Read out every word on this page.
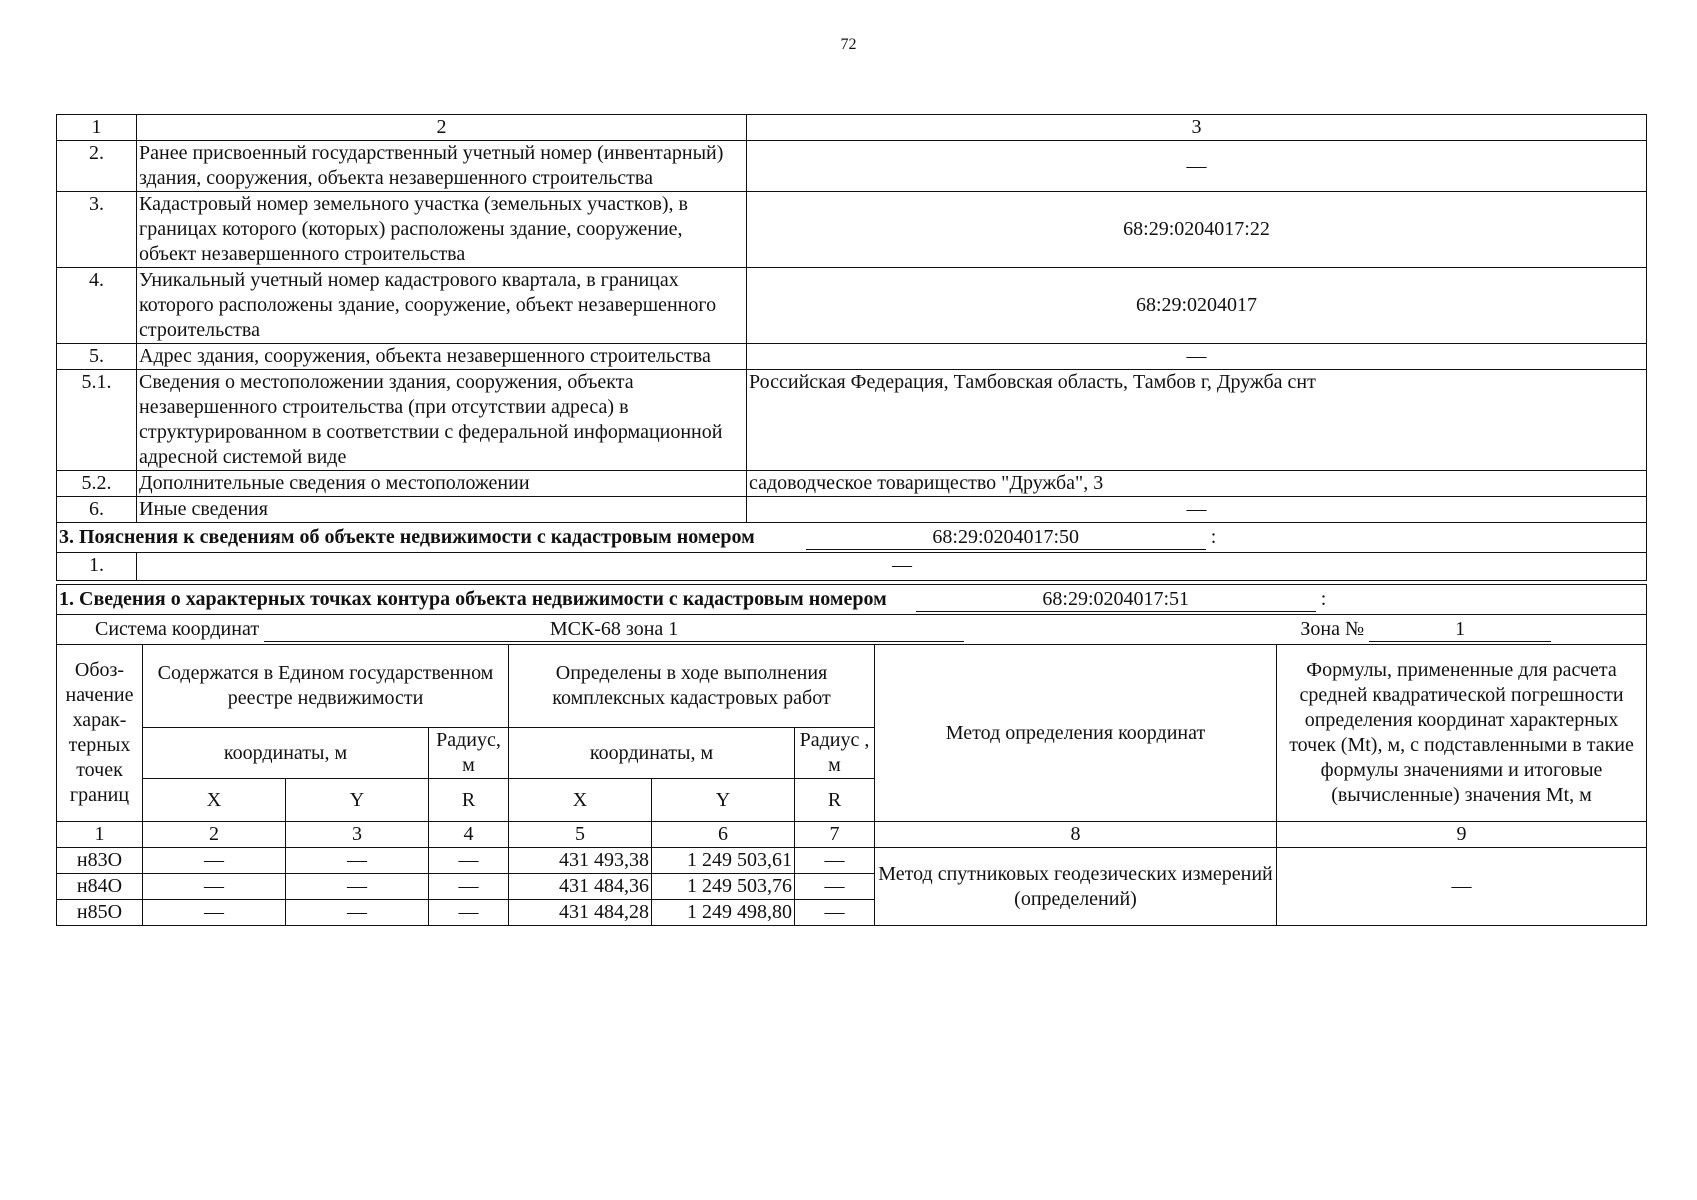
72
1	2	3
2.	Ранее присвоенный государственный учетный номер (инвентарный) здания, сооружения, объекта незавершенного строительства	—
3.	Кадастровый номер земельного участка (земельных участков), в границах которого (которых) расположены здание, сооружение, объект незавершенного строительства	68:29:0204017:22
4.	Уникальный учетный номер кадастрового квартала, в границах которого расположены здание, сооружение, объект незавершенного строительства	68:29:0204017
5.	Адрес здания, сооружения, объекта незавершенного строительства	—
5.1.	Сведения о местоположении здания, сооружения, объекта незавершенного строительства (при отсутствии адреса) в структурированном в соответствии с федеральной информационной адресной системой виде	Российская Федерация, Тамбовская область, Тамбов г, Дружба снт
5.2.	Дополнительные сведения о местоположении	садоводческое товарищество "Дружба", 3
6.	Иные сведения	—
3. Пояснения к сведениям об объекте недвижимости с кадастровым номером 68:29:0204017:50 :		
1.	—	
1. Сведения о характерных точках контура объекта недвижимости с кадастровым номером 68:29:0204017:51 :								
Система координат МСК-68 зона 1 Зона № 1								
Обоз-начение харак-терных точек границ	Содержатся в Едином государственном реестре недвижимости			Определены в ходе выполнения комплексных кадастровых работ			Метод определения координат	Формулы, примененные для расчета средней квадратической погрешности определения координат характерных точек (Mt), м, с подставленными в такие формулы значениями и итоговые (вычисленные) значения Mt, м
	координаты, м		Радиус, м	координаты, м		Радиус , м		
	X	Y	R	X	Y	R		
1	2	3	4	5	6	7	8	9
н83О	—	—	—	431 493,38	1 249 503,61	—	Метод спутниковых геодезических измерений (определений)	—
н84О	—	—	—	431 484,36	1 249 503,76	—		
н85О	—	—	—	431 484,28	1 249 498,80	—		
